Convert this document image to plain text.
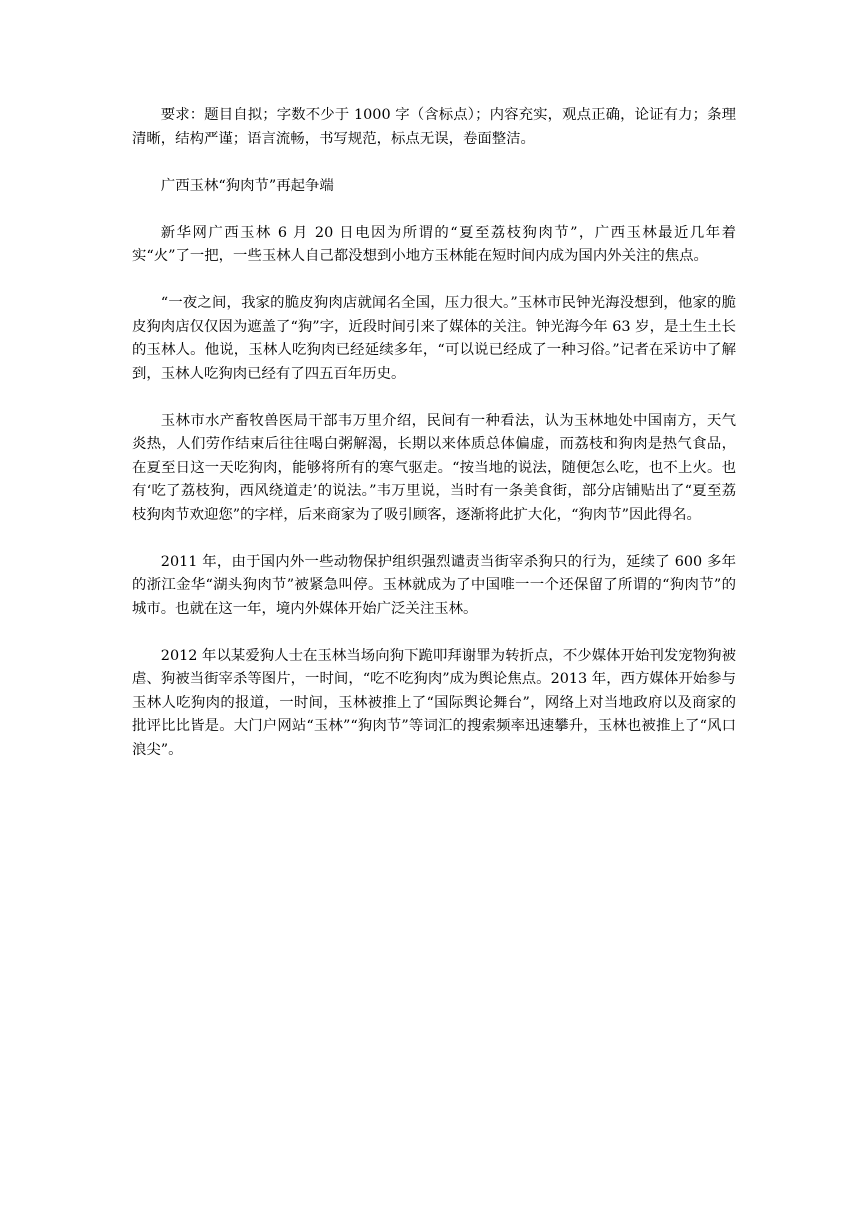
要求：题目自拟；字数不少于 1000 字（含标点）；内容充实，观点正确，论证有力；条理清晰，结构严谨；语言流畅，书写规范，标点无误，卷面整洁。

广西玉林“狗肉节”再起争端

新华网广西玉林 6 月 20 日电因为所谓的“夏至荔枝狗肉节”，广西玉林最近几年着实“火”了一把，一些玉林人自己都没想到小地方玉林能在短时间内成为国内外关注的焦点。

“一夜之间，我家的脆皮狗肉店就闻名全国，压力很大。”玉林市民钟光海没想到，他家的脆皮狗肉店仅仅因为遮盖了“狗”字，近段时间引来了媒体的关注。钟光海今年 63 岁，是土生土长的玉林人。他说，玉林人吃狗肉已经延续多年，“可以说已经成了一种习俗。”记者在采访中了解到，玉林人吃狗肉已经有了四五百年历史。

玉林市水产畜牧兽医局干部韦万里介绍，民间有一种看法，认为玉林地处中国南方，天气炎热，人们劳作结束后往往喝白粥解渴，长期以来体质总体偏虚，而荔枝和狗肉是热气食品，在夏至日这一天吃狗肉，能够将所有的寒气驱走。“按当地的说法，随便怎么吃，也不上火。也有‘吃了荔枝狗，西风绕道走’的说法。”韦万里说，当时有一条美食街，部分店铺贴出了“夏至荔枝狗肉节欢迎您”的字样，后来商家为了吸引顾客，逐渐将此扩大化，“狗肉节”因此得名。

2011 年，由于国内外一些动物保护组织强烈谴责当街宰杀狗只的行为，延续了 600 多年的浙江金华“湖头狗肉节”被紧急叫停。玉林就成为了中国唯一一个还保留了所谓的“狗肉节”的城市。也就在这一年，境内外媒体开始广泛关注玉林。

2012 年以某爱狗人士在玉林当场向狗下跪叩拜谢罪为转折点，不少媒体开始刊发宠物狗被虐、狗被当街宰杀等图片，一时间，“吃不吃狗肉”成为舆论焦点。2013 年，西方媒体开始参与玉林人吃狗肉的报道，一时间，玉林被推上了“国际舆论舞台”，网络上对当地政府以及商家的批评比比皆是。大门户网站“玉林”“狗肉节”等词汇的搜索频率迅速攀升，玉林也被推上了“风口浪尖”。
